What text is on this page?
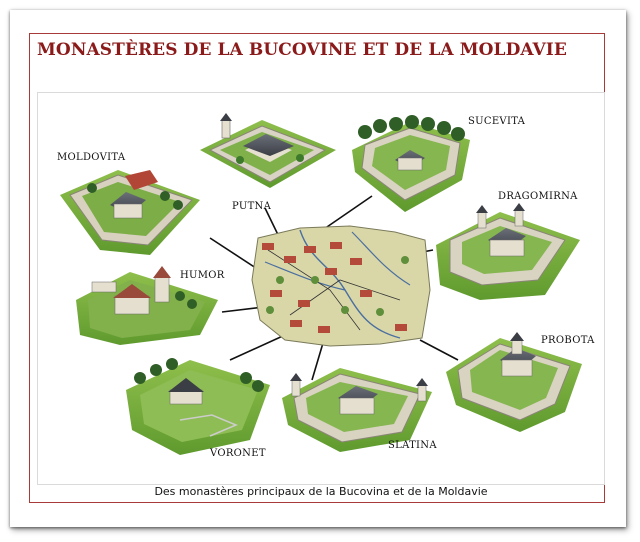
MONASTÈRES DE LA BUCOVINE ET DE LA MOLDAVIE
PUTNA
SUCEVITA
MOLDOVITA
DRAGOMIRNA
HUMOR
PROBOTA
VORONET
SLATINA
Des monastères principaux de la Bucovina et de la Moldavie
